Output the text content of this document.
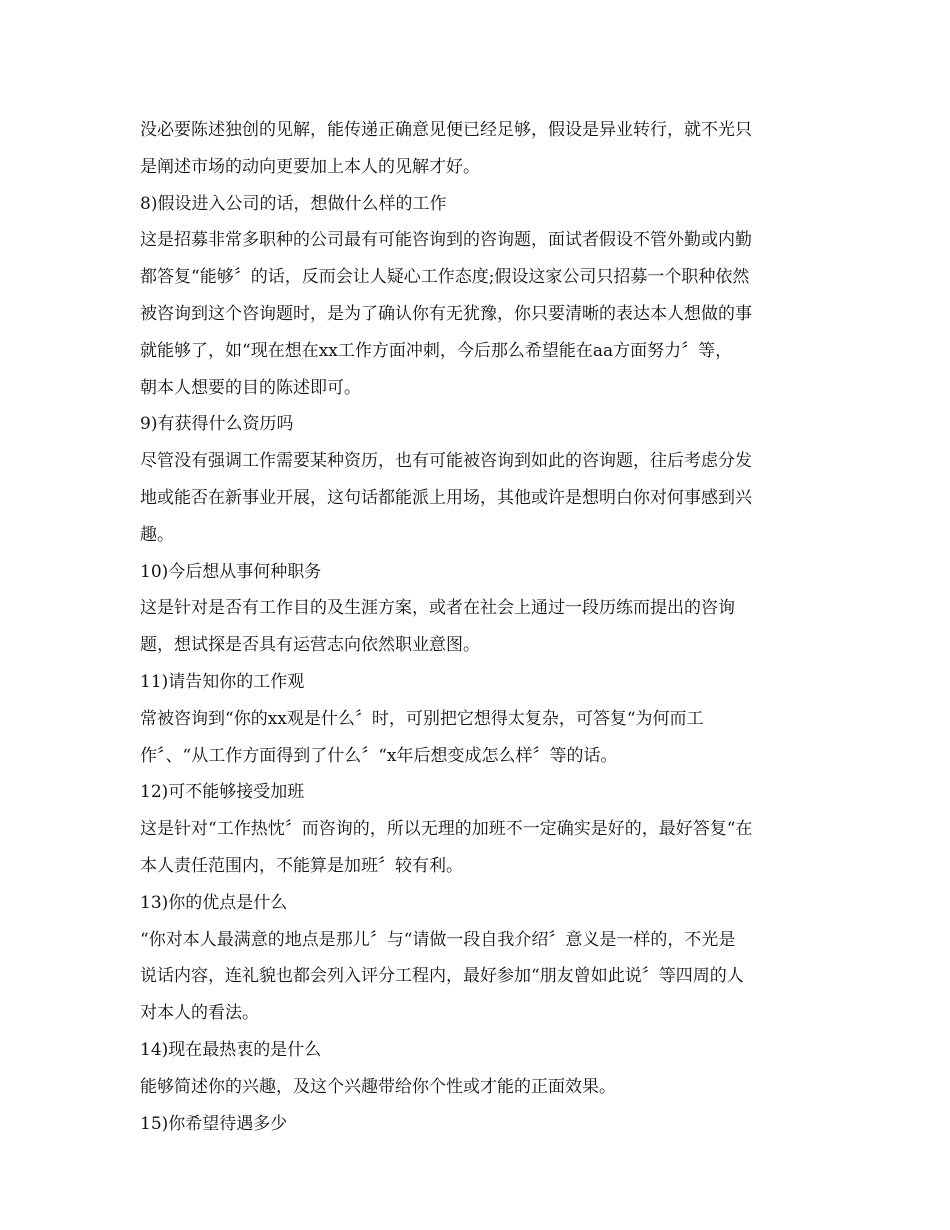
没必要陈述独创的见解，能传递正确意见便已经足够，假设是异业转行，就不光只
是阐述市场的动向更要加上本人的见解才好。
8)假设进入公司的话，想做什么样的工作
这是招募非常多职种的公司最有可能咨询到的咨询题，面试者假设不管外勤或内勤
都答复“能够〞的话，反而会让人疑心工作态度;假设这家公司只招募一个职种依然
被咨询到这个咨询题时，是为了确认你有无犹豫，你只要清晰的表达本人想做的事
就能够了，如“现在想在xx工作方面冲刺，今后那么希望能在aa方面努力〞等，
朝本人想要的目的陈述即可。
9)有获得什么资历吗
尽管没有强调工作需要某种资历，也有可能被咨询到如此的咨询题，往后考虑分发
地或能否在新事业开展，这句话都能派上用场，其他或许是想明白你对何事感到兴
趣。
10)今后想从事何种职务
这是针对是否有工作目的及生涯方案，或者在社会上通过一段历练而提出的咨询
题，想试探是否具有运营志向依然职业意图。
11)请告知你的工作观
常被咨询到“你的xx观是什么〞时，可别把它想得太复杂，可答复“为何而工
作〞、“从工作方面得到了什么〞“x年后想变成怎么样〞等的话。
12)可不能够接受加班
这是针对“工作热忱〞而咨询的，所以无理的加班不一定确实是好的，最好答复“在
本人责任范围内，不能算是加班〞较有利。
13)你的优点是什么
“你对本人最满意的地点是那儿〞与“请做一段自我介绍〞意义是一样的，不光是
说话内容，连礼貌也都会列入评分工程内，最好参加“朋友曾如此说〞等四周的人
对本人的看法。
14)现在最热衷的是什么
能够简述你的兴趣，及这个兴趣带给你个性或才能的正面效果。
15)你希望待遇多少
